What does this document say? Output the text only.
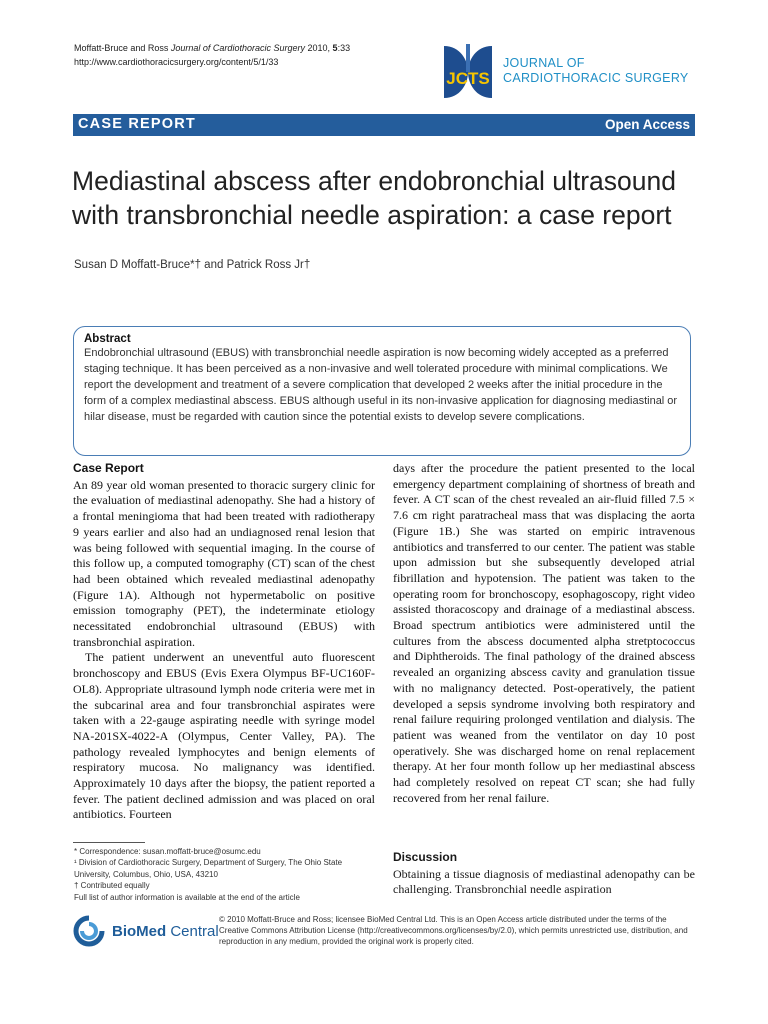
Moffatt-Bruce and Ross Journal of Cardiothoracic Surgery 2010, 5:33
http://www.cardiothoracicsurgery.org/content/5/1/33
JCTS
JOURNAL OF
CARDIOTHORACIC SURGERY
CASE REPORT	Open Access
Mediastinal abscess after endobronchial ultrasound with transbronchial needle aspiration: a case report
Susan D Moffatt-Bruce*† and Patrick Ross Jr†
Abstract

Endobronchial ultrasound (EBUS) with transbronchial needle aspiration is now becoming widely accepted as a preferred staging technique. It has been perceived as a non-invasive and well tolerated procedure with minimal complications. We report the development and treatment of a severe complication that developed 2 weeks after the initial procedure in the form of a complex mediastinal abscess. EBUS although useful in its non-invasive application for diagnosing mediastinal or hilar disease, must be regarded with caution since the potential exists to develop severe complications.

Case Report

An 89 year old woman presented to thoracic surgery clinic for the evaluation of mediastinal adenopathy. She had a history of a frontal meningioma that had been treated with radiotherapy 9 years earlier and also had an undiagnosed renal lesion that was being followed with sequential imaging. In the course of this follow up, a computed tomography (CT) scan of the chest had been obtained which revealed mediastinal adenopathy (Figure 1A). Although not hypermetabolic on positive emission tomography (PET), the indeterminate etiology necessitated endobronchial ultrasound (EBUS) with transbronchial aspiration.

The patient underwent an uneventful auto fluorescent bronchoscopy and EBUS (Evis Exera Olympus BF-UC160F-OL8). Appropriate ultrasound lymph node criteria were met in the subcarinal area and four transbronchial aspirates were taken with a 22-gauge aspirating needle with syringe model NA-201SX-4022-A (Olympus, Center Valley, PA). The pathology revealed lymphocytes and benign elements of respiratory mucosa. No malignancy was identified. Approximately 10 days after the biopsy, the patient reported a fever. The patient declined admission and was placed on oral antibiotics. Fourteen

days after the procedure the patient presented to the local emergency department complaining of shortness of breath and fever. A CT scan of the chest revealed an air-fluid filled 7.5 × 7.6 cm right paratracheal mass that was displacing the aorta (Figure 1B.) She was started on empiric intravenous antibiotics and transferred to our center. The patient was stable upon admission but she subsequently developed atrial fibrillation and hypotension. The patient was taken to the operating room for bronchoscopy, esophagoscopy, right video assisted thoracoscopy and drainage of a mediastinal abscess. Broad spectrum antibiotics were administered until the cultures from the abscess documented alpha stretptococcus and Diphtheroids. The final pathology of the drained abscess revealed an organizing abscess cavity and granulation tissue with no malignancy detected. Post-operatively, the patient developed a sepsis syndrome involving both respiratory and renal failure requiring prolonged ventilation and dialysis. The patient was weaned from the ventilator on day 10 post operatively. She was discharged home on renal replacement therapy. At her four month follow up her mediastinal abscess had completely resolved on repeat CT scan; she had fully recovered from her renal failure.

* Correspondence: susan.moffatt-bruce@osumc.edu
¹ Division of Cardiothoracic Surgery, Department of Surgery, The Ohio State University, Columbus, Ohio, USA, 43210
† Contributed equally
Full list of author information is available at the end of the article
Discussion

Obtaining a tissue diagnosis of mediastinal adenopathy can be challenging. Transbronchial needle aspiration

BioMed Central
© 2010 Moffatt-Bruce and Ross; licensee BioMed Central Ltd. This is an Open Access article distributed under the terms of the Creative Commons Attribution License (http://creativecommons.org/licenses/by/2.0), which permits unrestricted use, distribution, and reproduction in any medium, provided the original work is properly cited.
